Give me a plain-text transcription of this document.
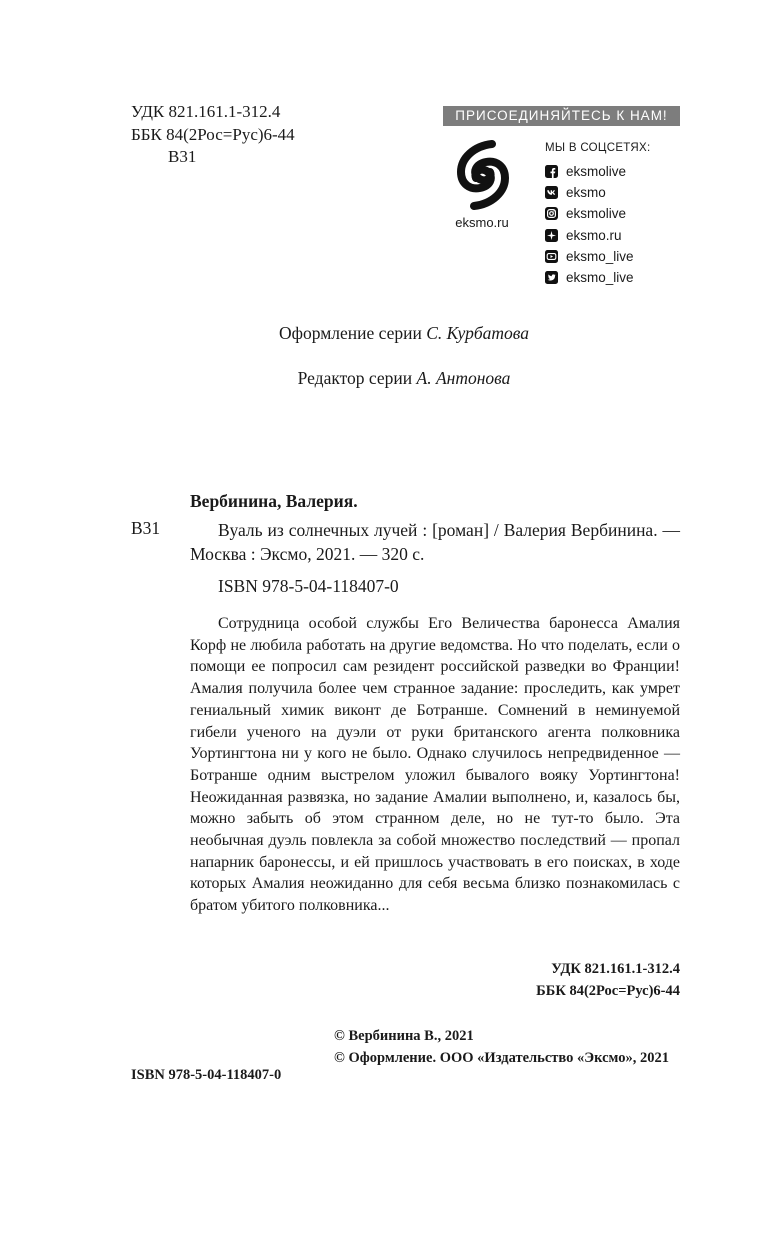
УДК 821.161.1-312.4
ББК 84(2Рос=Рус)6-44
В31
ПРИСОЕДИНЯЙТЕСЬ К НАМ!
eksmo.ru
МЫ В СОЦСЕТЯХ:
eksmolive
eksmo
eksmolive
eksmo.ru
eksmo_live
eksmo_live
Оформление серии С. Курбатова
Редактор серии А. Антонова
Вербинина, Валерия.
В31	Вуаль из солнечных лучей : [роман] / Валерия Вербинина. — Москва : Эксмо, 2021. — 320 с.
ISBN 978-5-04-118407-0
Сотрудница особой службы Его Величества баронесса Амалия Корф не любила работать на другие ведомства. Но что поделать, если о помощи ее попросил сам резидент российской разведки во Франции! Амалия получила более чем странное задание: проследить, как умрет гениальный химик виконт де Ботранше. Сомнений в неминуемой гибели ученого на дуэли от руки британского агента полковника Уортингтона ни у кого не было. Однако случилось непредвиденное — Ботранше одним выстрелом уложил бывалого вояку Уортингтона! Неожиданная развязка, но задание Амалии выполнено, и, казалось бы, можно забыть об этом странном деле, но не тут-то было. Эта необычная дуэль повлекла за собой множество последствий — пропал напарник баронессы, и ей пришлось участвовать в его поисках, в ходе которых Амалия неожиданно для себя весьма близко познакомилась с братом убитого полковника...
УДК 821.161.1-312.4
ББК 84(2Рос=Рус)6-44
© Вербинина В., 2021
© Оформление. ООО «Издательство «Эксмо», 2021
ISBN 978-5-04-118407-0
